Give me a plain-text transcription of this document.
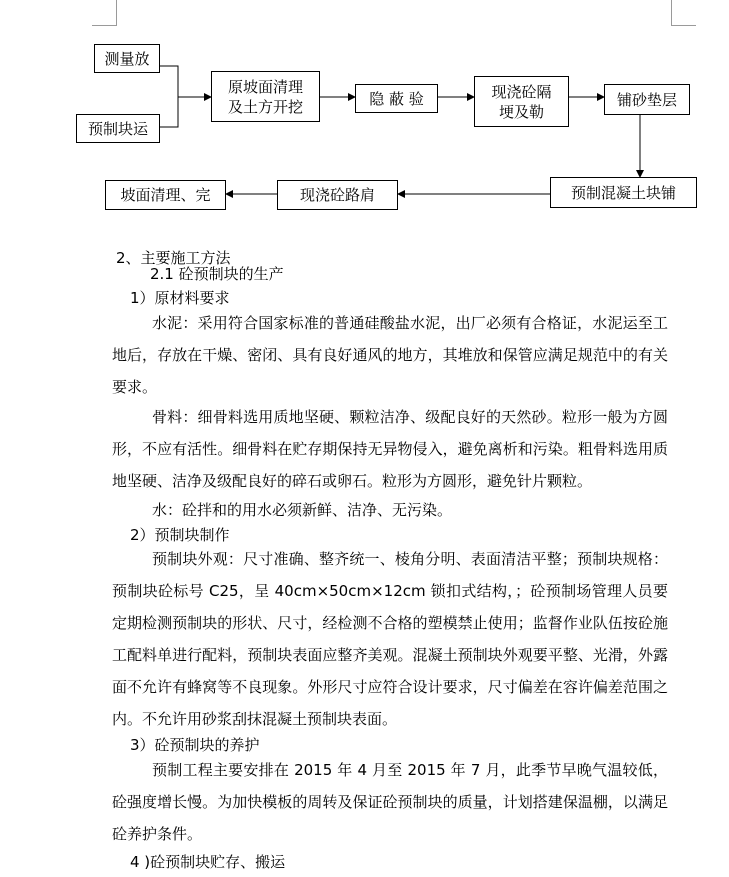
测量放
预制块运
原坡面清理
及土方开挖	隐 蔽 验	现浇砼隔
埂及勒
铺砂垫层
预制混凝土块铺
现浇砼路肩
坡面清理、完
2、主要施工方法
2.1 砼预制块的生产
1）原材料要求

水泥：采用符合国家标准的普通硅酸盐水泥，出厂必须有合格证，水泥运至工地后，存放在干燥、密闭、具有良好通风的地方，其堆放和保管应满足规范中的有关要求。

骨料：细骨料选用质地坚硬、颗粒洁净、级配良好的天然砂。粒形一般为方圆形，不应有活性。细骨料在贮存期保持无异物侵入，避免离析和污染。粗骨料选用质地坚硬、洁净及级配良好的碎石或卵石。粒形为方圆形，避免针片颗粒。

水：砼拌和的用水必须新鲜、洁净、无污染。

2）预制块制作

预制块外观：尺寸准确、整齐统一、棱角分明、表面清洁平整；预制块规格：预制块砼标号 C25，呈 40cm×50cm×12cm 锁扣式结构，；砼预制场管理人员要定期检测预制块的形状、尺寸，经检测不合格的塑模禁止使用；监督作业队伍按砼施工配料单进行配料，预制块表面应整齐美观。混凝土预制块外观要平整、光滑，外露面不允许有蜂窝等不良现象。外形尺寸应符合设计要求，尺寸偏差在容许偏差范围之内。不允许用砂浆刮抹混凝土预制块表面。

3）砼预制块的养护

预制工程主要安排在 2015 年 4 月至 2015 年 7 月，此季节早晚气温较低，砼强度增长慢。为加快模板的周转及保证砼预制块的质量，计划搭建保温棚，以满足砼养护条件。

4 )砼预制块贮存、搬运
